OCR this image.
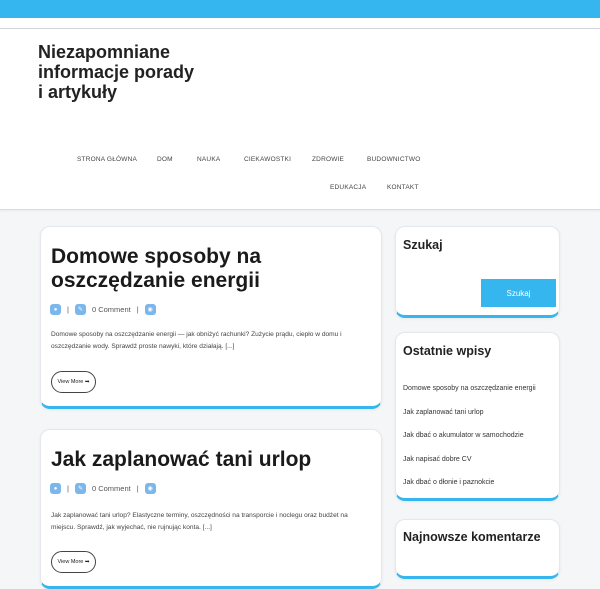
Niezapomniane informacje porady i artykuły
STRONA GŁÓWNA	DOM	NAUKA	CIEKAWOSTKI	ZDROWIE	BUDOWNICTWO
EDUKACJA	KONTAKT
Domowe sposoby na oszczędzanie energii
●	|	✎	0 Comment |	◉

Domowe sposoby na oszczędzanie energii — jak obniżyć rachunki? Zużycie prądu, ciepło w domu i oszczędzanie wody. Sprawdź proste nawyki, które działają. [...]

View More ➡
Jak zaplanować tani urlop
●	|	✎	0 Comment |	◉

Jak zaplanować tani urlop? Elastyczne terminy, oszczędności na transporcie i noclegu oraz budżet na miejscu. Sprawdź, jak wyjechać, nie rujnując konta. [...]

View More ➡
Szukaj
Szukaj
Ostatnie wpisy
Domowe sposoby na oszczędzanie energii
Jak zaplanować tani urlop
Jak dbać o akumulator w samochodzie
Jak napisać dobre CV
Jak dbać o dłonie i paznokcie
Najnowsze komentarze
